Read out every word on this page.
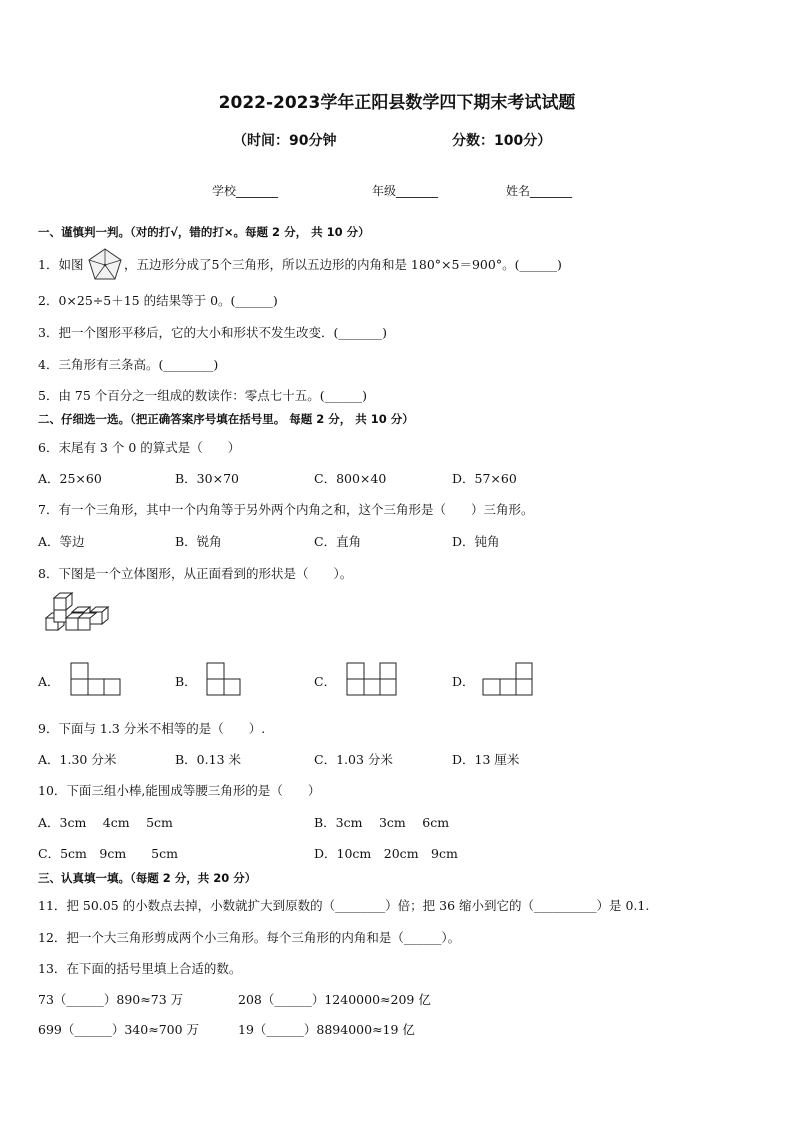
2022-2023学年正阳县数学四下期末考试试题
（时间：90分钟	分数：100分）
学校_______	年级_______	姓名_______
一、谨慎判一判。（对的打√，错的打×。每题 2 分， 共 10 分）
1．如图	，五边形分成了5个三角形，所以五边形的内角和是 180°×5＝900°。(______)
2．0×25÷5＋15 的结果等于 0。(______)
3．把一个图形平移后，它的大小和形状不发生改变．(_______)
4．三角形有三条高。(________)
5．由 75 个百分之一组成的数读作：零点七十五。(______)
二、仔细选一选。（把正确答案序号填在括号里。 每题 2 分， 共 10 分）
6．末尾有 3 个 0 的算式是（　　）
A．25×60	B．30×70	C．800×40	D．57×60
7．有一个三角形，其中一个内角等于另外两个内角之和，这个三角形是（　　）三角形。
A．等边	B．锐角	C．直角	D．钝角
8．下图是一个立体图形，从正面看到的形状是（　　）。
A．	B．	C．	D．
9．下面与 1.3 分米不相等的是（　　）.
A．1.30 分米	B．0.13 米	C．1.03 分米	D．13 厘米
10．下面三组小棒,能围成等腰三角形的是（　　）
A．3cm　 4cm　 5cm	B．3cm　 3cm　 6cm
C．5cm　9cm　　5cm	D．10cm　20cm　9cm
三、认真填一填。（每题 2 分，共 20 分）
11．把 50.05 的小数点去掉，小数就扩大到原数的（________）倍；把 36 缩小到它的（__________）是 0.1.
12．把一个大三角形剪成两个小三角形。每个三角形的内角和是（______）。
13．在下面的括号里填上合适的数。
73（______）890≈73 万	208（______）1240000≈209 亿
699（______）340≈700 万	19（______）8894000≈19 亿
